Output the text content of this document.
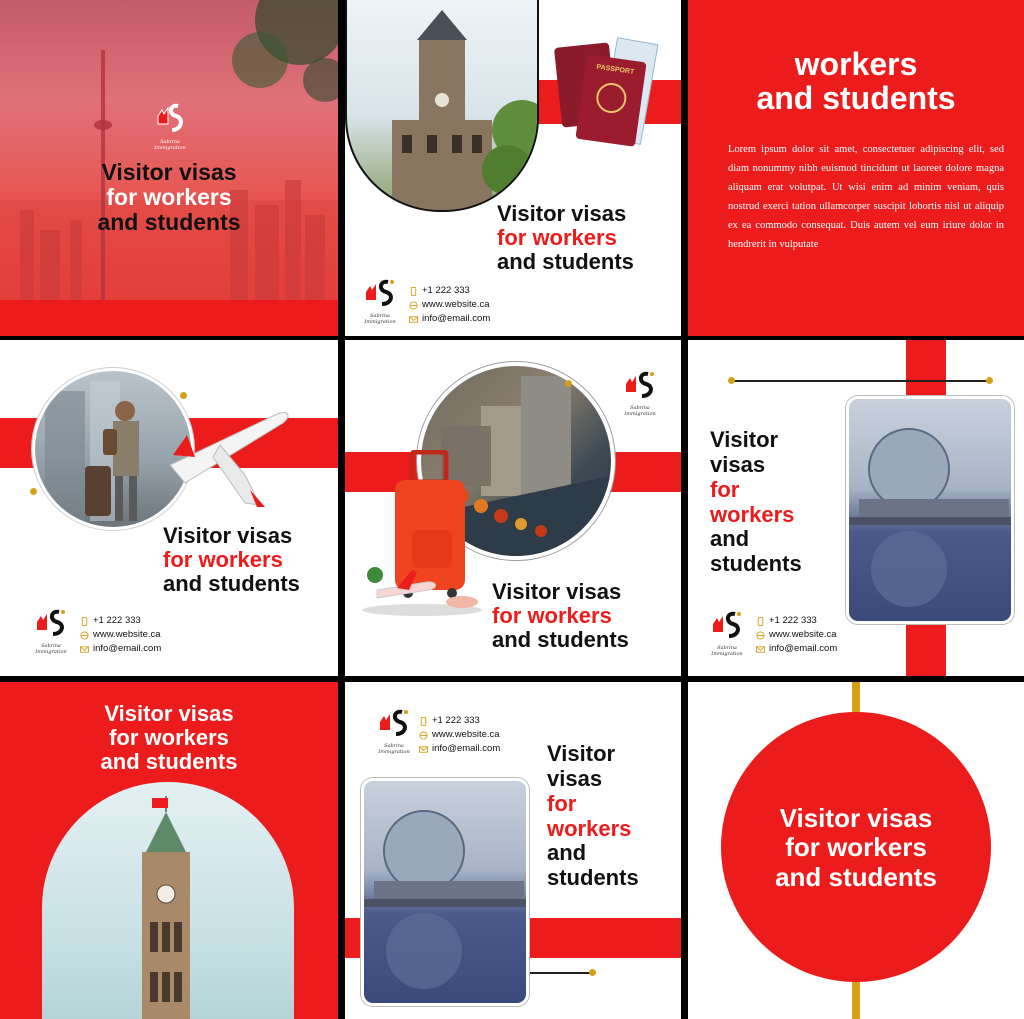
Sabrina Immigration
Visitor visas
for workers
and students
PASSPORT
Visitor visas
for workers
and students
Sabrina Immigration
+1 222 333
www.website.ca
info@email.com
workers
and students
Lorem ipsum dolor sit amet, consectetuer adipiscing elit, sed diam nonummy nibh euismod tincidunt ut laoreet dolore magna aliquam erat volutpat. Ut wisi enim ad minim veniam, quis nostrud exerci tation ullamcorper suscipit lobortis nisl ut aliquip ex ea commodo consequat. Duis autem vel eum iriure dolor in hendrerit in vulputate
Visitor visas
for workers
and students
Sabrina Immigration
+1 222 333
www.website.ca
info@email.com
Sabrina Immigration
Visitor visas
for workers
and students
Visitor
visas
for
workers
and
students
Sabrina Immigration
+1 222 333
www.website.ca
info@email.com
Visitor visas
for workers
and students
Sabrina Immigration
+1 222 333
www.website.ca
info@email.com Visitor
visas
for
workers
and
students
Visitor visas
for workers
and students
